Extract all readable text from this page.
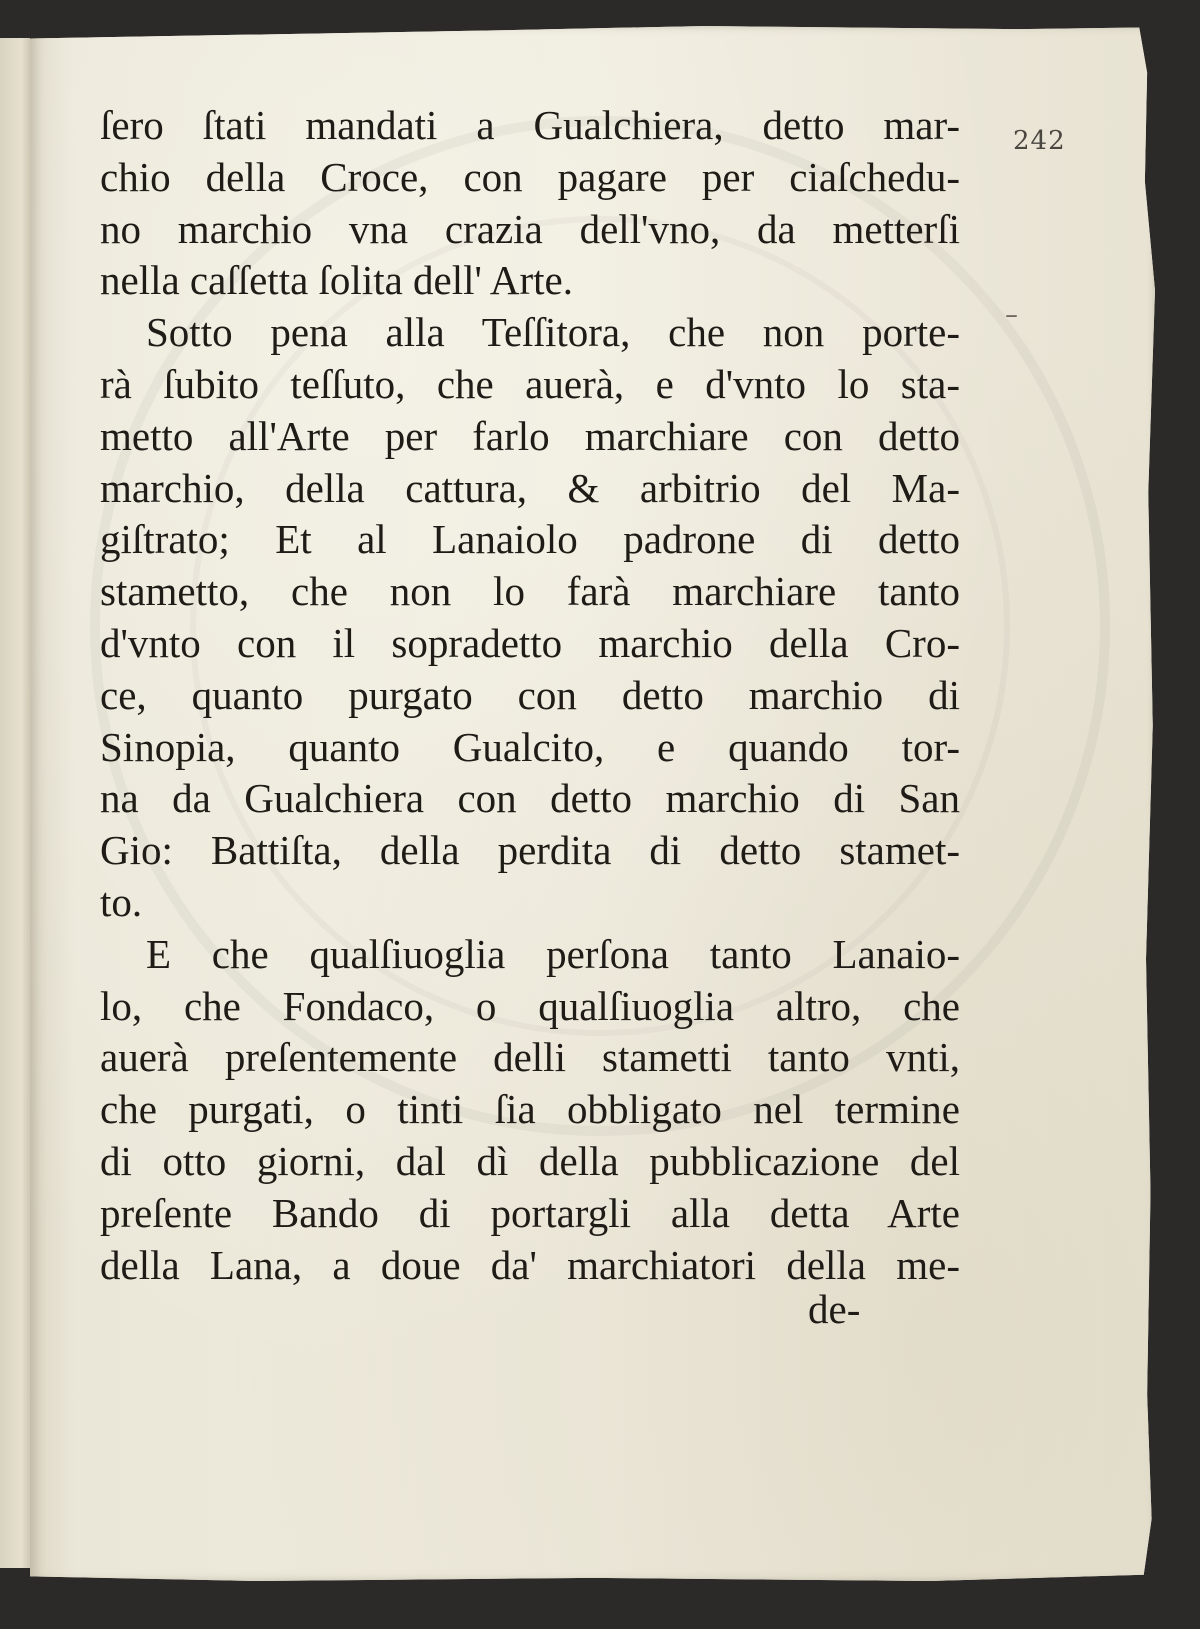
242

–

ſero ſtati mandati a Gualchiera, detto mar-
chio della Croce, con pagare per ciaſchedu-
no marchio vna crazia dell'vno, da metterſi
nella caſſetta ſolita dell' Arte.
Sotto pena alla Teſſitora, che non porte-
rà ſubito teſſuto, che auerà, e d'vnto lo sta-
metto all'Arte per farlo marchiare con detto
marchio, della cattura, & arbitrio del Ma-
giſtrato; Et al Lanaiolo padrone di detto
stametto, che non lo farà marchiare tanto
d'vnto con il sopradetto marchio della Cro-
ce, quanto purgato con detto marchio di
Sinopia, quanto Gualcito, e quando tor-
na da Gualchiera con detto marchio di San
Gio: Battiſta, della perdita di detto stamet-
to.
E che qualſiuoglia perſona tanto Lanaio-
lo, che Fondaco, o qualſiuoglia altro, che
auerà preſentemente delli stametti tanto vnti,
che purgati, o tinti ſia obbligato nel termine
di otto giorni, dal dì della pubblicazione del
preſente Bando di portargli alla detta Arte
della Lana, a doue da' marchiatori della me-

de-
